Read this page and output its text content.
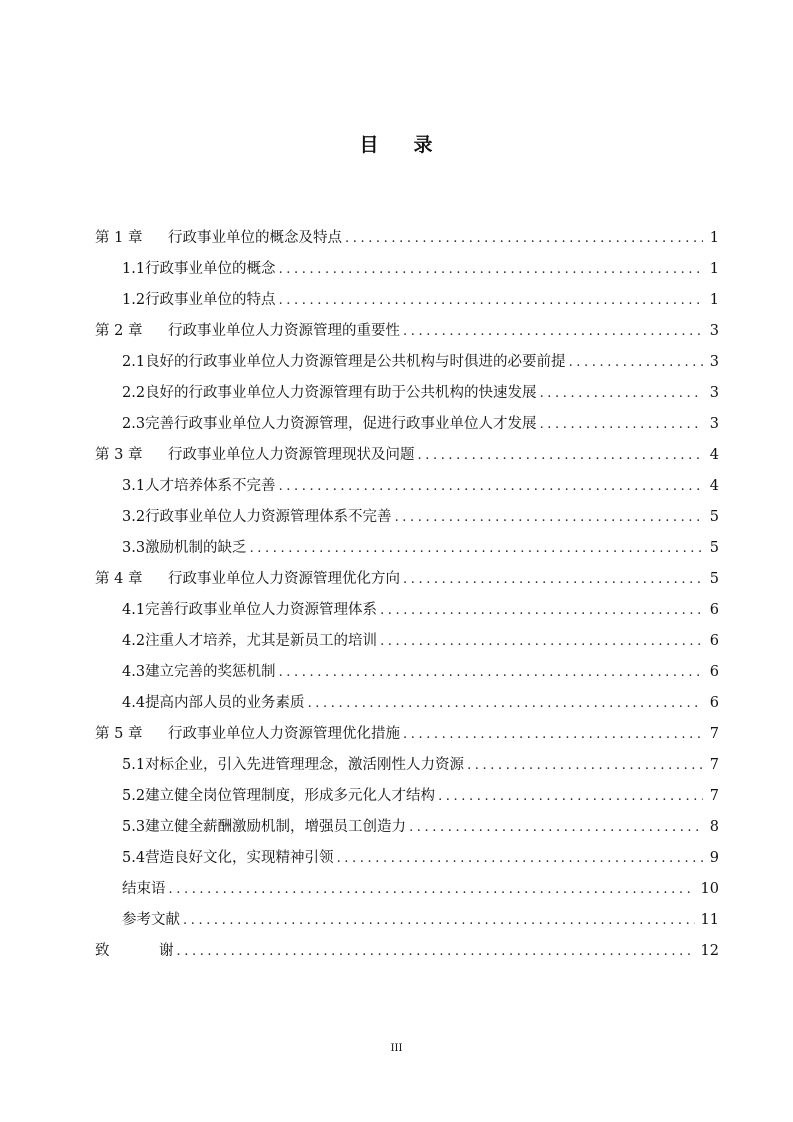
目 录
第 1 章	行政事业单位的概念及特点 .....	1
1.1 行政事业单位的概念 .....	1
1.2 行政事业单位的特点 .....	1
第 2 章	行政事业单位人力资源管理的重要性 .....	3
2.1 良好的行政事业单位人力资源管理是公共机构与时俱进的必要前提 .....	3
2.2 良好的行政事业单位人力资源管理有助于公共机构的快速发展 .....	3
2.3 完善行政事业单位人力资源管理，促进行政事业单位人才发展 .....	3
第 3 章	行政事业单位人力资源管理现状及问题 .....	4
3.1 人才培养体系不完善 .....	4
3.2 行政事业单位人力资源管理体系不完善 .....	5
3.3 激励机制的缺乏 .....	5
第 4 章	行政事业单位人力资源管理优化方向 .....	5
4.1 完善行政事业单位人力资源管理体系 .....	6
4.2 注重人才培养，尤其是新员工的培训 .....	6
4.3 建立完善的奖惩机制 .....	6
4.4 提高内部人员的业务素质 .....	6
第 5 章	行政事业单位人力资源管理优化措施 .....	7
5.1 对标企业，引入先进管理理念，激活刚性人力资源 .....	7
5.2 建立健全岗位管理制度，形成多元化人才结构 .....	7
5.3 建立健全薪酬激励机制，增强员工创造力 .....	8
5.4 营造良好文化，实现精神引领 .....	9
结束语 .....	10
参考文献 .....	11
致	谢 .....	12
III
